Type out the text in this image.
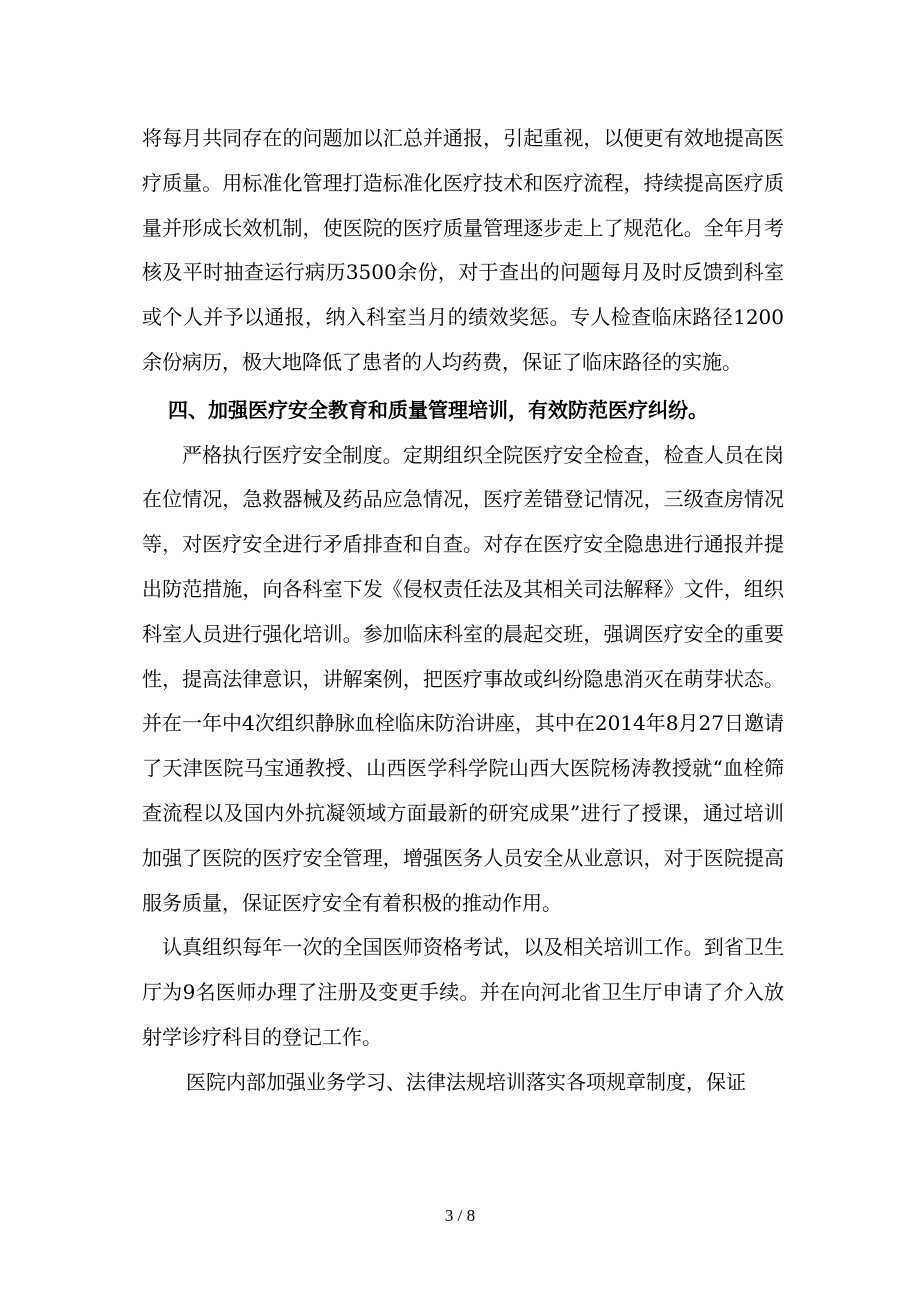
将每月共同存在的问题加以汇总并通报，引起重视，以便更有效地提高医疗质量。用标准化管理打造标准化医疗技术和医疗流程，持续提高医疗质量并形成长效机制，使医院的医疗质量管理逐步走上了规范化。全年月考核及平时抽查运行病历3500余份，对于查出的问题每月及时反馈到科室或个人并予以通报，纳入科室当月的绩效奖惩。专人检查临床路径1200余份病历，极大地降低了患者的人均药费，保证了临床路径的实施。

四、加强医疗安全教育和质量管理培训，有效防范医疗纠纷。

严格执行医疗安全制度。定期组织全院医疗安全检查，检查人员在岗在位情况，急救器械及药品应急情况，医疗差错登记情况，三级查房情况等，对医疗安全进行矛盾排查和自查。对存在医疗安全隐患进行通报并提出防范措施，向各科室下发《侵权责任法及其相关司法解释》文件，组织科室人员进行强化培训。参加临床科室的晨起交班，强调医疗安全的重要性，提高法律意识，讲解案例，把医疗事故或纠纷隐患消灭在萌芽状态。并在一年中4次组织静脉血栓临床防治讲座，其中在2014年8月27日邀请了天津医院马宝通教授、山西医学科学院山西大医院杨涛教授就“血栓筛查流程以及国内外抗凝领域方面最新的研究成果”进行了授课，通过培训加强了医院的医疗安全管理，增强医务人员安全从业意识，对于医院提高服务质量，保证医疗安全有着积极的推动作用。

认真组织每年一次的全国医师资格考试，以及相关培训工作。到省卫生厅为9名医师办理了注册及变更手续。并在向河北省卫生厅申请了介入放射学诊疗科目的登记工作。

医院内部加强业务学习、法律法规培训落实各项规章制度，保证

3 / 8
